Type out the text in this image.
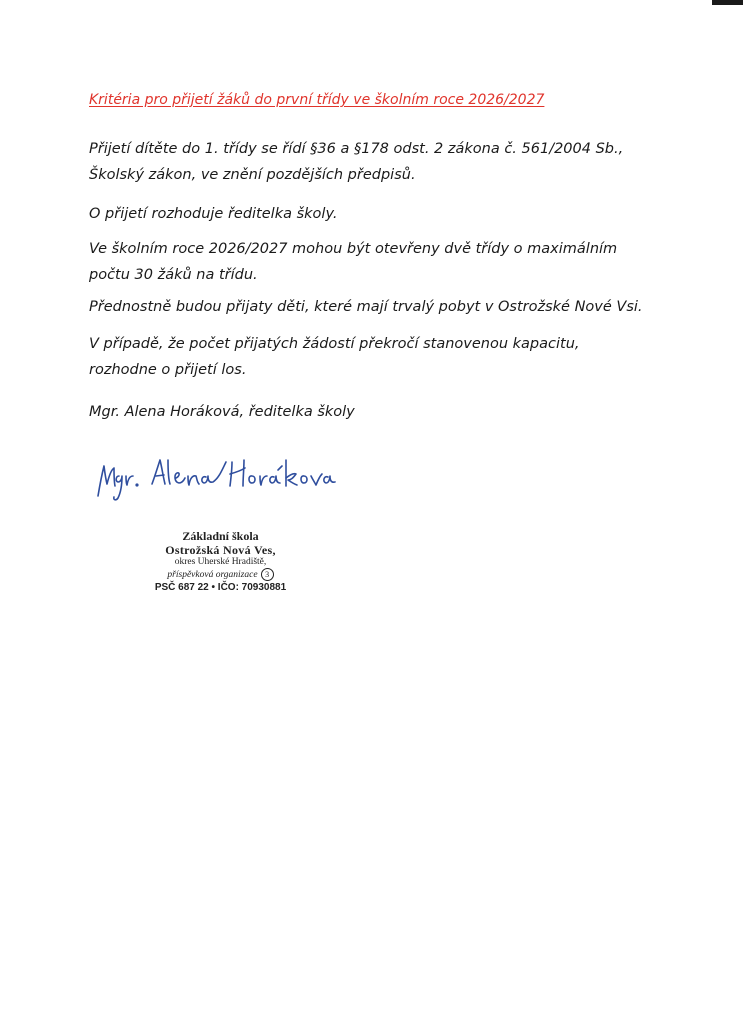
Kritéria pro přijetí žáků do první třídy ve školním roce 2026/2027

Přijetí dítěte do 1. třídy se řídí §36 a §178 odst. 2 zákona č. 561/2004 Sb.,
Školský zákon, ve znění pozdějších předpisů.

O přijetí rozhoduje ředitelka školy.

Ve školním roce 2026/2027 mohou být otevřeny dvě třídy o maximálním
počtu 30 žáků na třídu.

Přednostně budou přijaty děti, které mají trvalý pobyt v Ostrožské Nové Vsi.

V případě, že počet přijatých žádostí překročí stanovenou kapacitu,
rozhodne o přijetí los.

Mgr. Alena Horáková, ředitelka školy

Základní škola
Ostrožská Nová Ves,
okres Uherské Hradiště,
příspěvková organizace 3
PSČ 687 22 • IČO: 70930881
